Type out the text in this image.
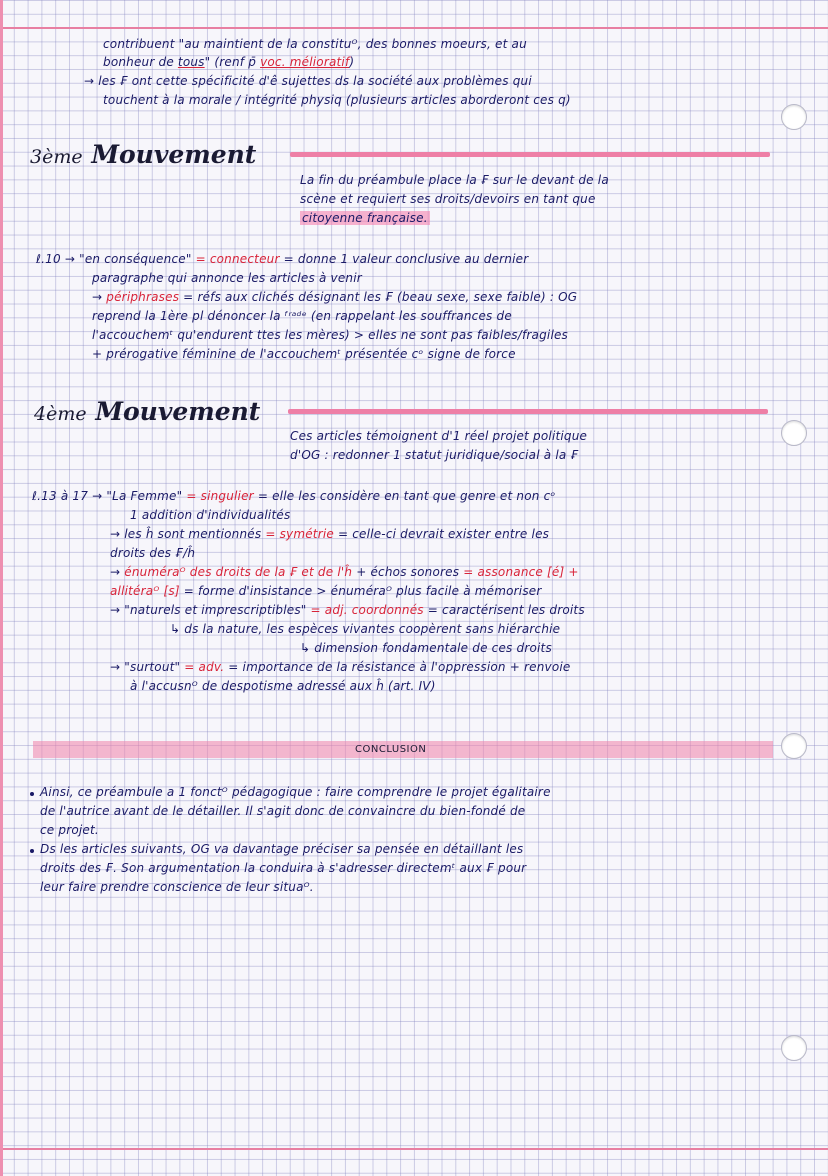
contribuent "au maintient de la constituᴼ, des bonnes moeurs, et au
bonheur de tous" (renf p̄ voc. mélioratif)
→ les ₣ ont cette spécificité d'ê sujettes ds la société aux problèmes qui
touchent à la morale / intégrité physiq (plusieurs articles aborderont ces q)
3ème Mouvement
La fin du préambule place la ₣ sur le devant de la
scène et requiert ses droits/devoirs en tant que
citoyenne française.
ℓ.10 → "en conséquence" = connecteur = donne 1 valeur conclusive au dernier
paragraphe qui annonce les articles à venir
→ périphrases = réfs aux clichés désignant les ₣ (beau sexe, sexe faible) : OG
reprend la 1ère pl dénoncer la ᶠʳᵃᵈᵉ (en rappelant les souffrances de
l'accouchemᵗ qu'endurent ttes les mères) > elles ne sont pas faibles/fragiles
+ prérogative féminine de l'accouchemᵗ présentée cᵒ signe de force
4ème Mouvement
Ces articles témoignent d'1 réel projet politique
d'OG : redonner 1 statut juridique/social à la ₣
ℓ.13 à 17 → "La Femme" = singulier = elle les considère en tant que genre et non cᵒ
1 addition d'individualités
→ les ĥ sont mentionnés = symétrie = celle-ci devrait exister entre les
droits des ₣/ĥ
→ énuméraᴼ des droits de la ₣ et de l'ĥ + échos sonores = assonance [é] +
allitéraᴼ [s] = forme d'insistance > énuméraᴼ plus facile à mémoriser
→ "naturels et imprescriptibles" = adj. coordonnés = caractérisent les droits
↳ ds la nature, les espèces vivantes coopèrent sans hiérarchie
↳ dimension fondamentale de ces droits
→ "surtout" = adv. = importance de la résistance à l'oppression + renvoie
à l'accusnᴼ de despotisme adressé aux ĥ (art. IV)
CONCLUSION
Ainsi, ce préambule a 1 fonctᴼ pédagogique : faire comprendre le projet égalitaire
de l'autrice avant de le détailler. Il s'agit donc de convaincre du bien-fondé de
ce projet.
Ds les articles suivants, OG va davantage préciser sa pensée en détaillant les
droits des ₣. Son argumentation la conduira à s'adresser directemᵗ aux ₣ pour
leur faire prendre conscience de leur situaᴼ.
